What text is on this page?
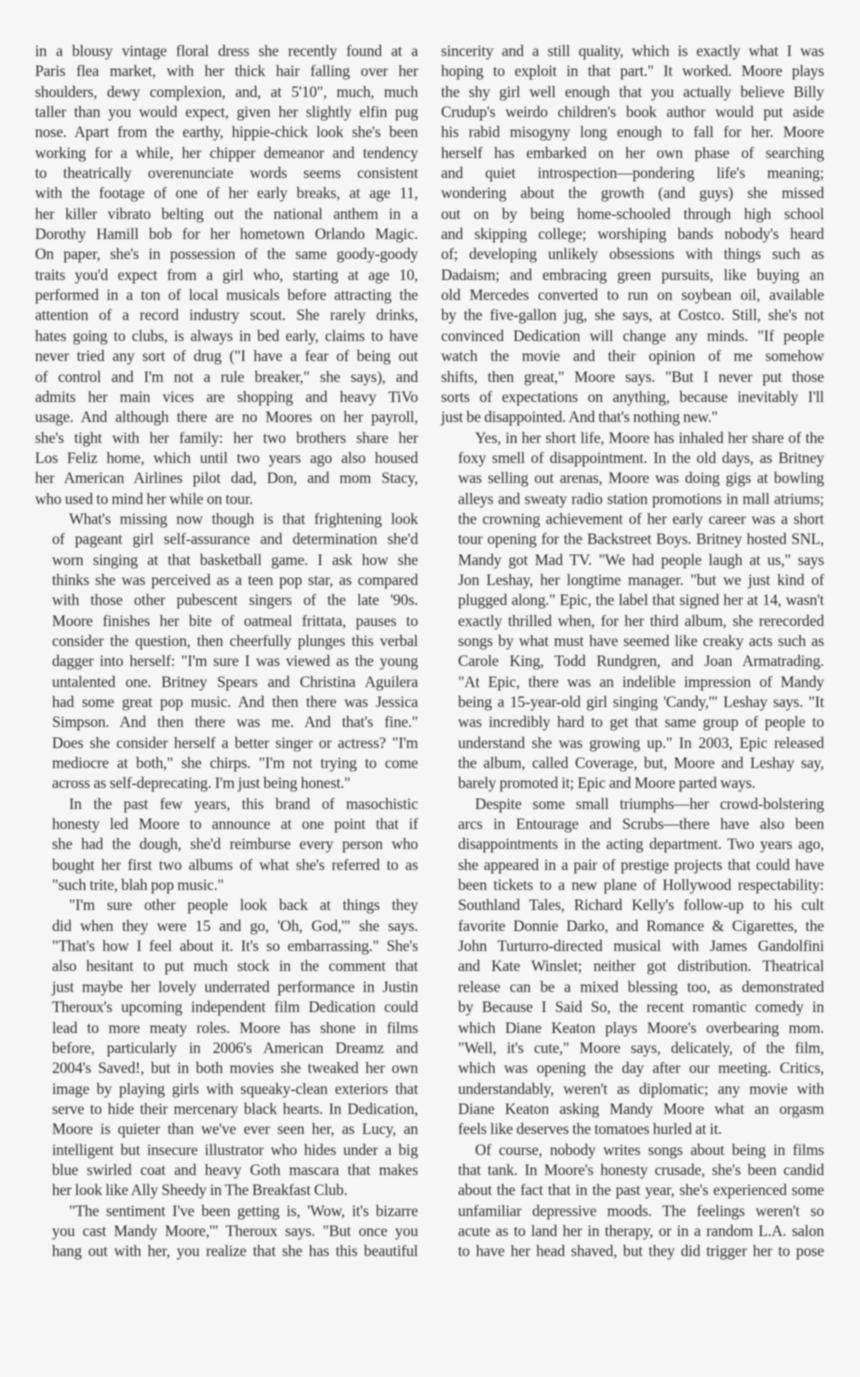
in a blousy vintage floral dress she recently found at a
Paris flea market, with her thick hair falling over her
shoulders, dewy complexion, and, at 5'10", much, much
taller than you would expect, given her slightly elfin pug
nose. Apart from the earthy, hippie-chick look she's been
working for a while, her chipper demeanor and tendency
to theatrically overenunciate words seems consistent
with the footage of one of her early breaks, at age 11,
her killer vibrato belting out the national anthem in a
Dorothy Hamill bob for her hometown Orlando Magic.
On paper, she's in possession of the same goody-goody
traits you'd expect from a girl who, starting at age 10,
performed in a ton of local musicals before attracting the
attention of a record industry scout. She rarely drinks,
hates going to clubs, is always in bed early, claims to have
never tried any sort of drug ("I have a fear of being out
of control and I'm not a rule breaker," she says), and
admits her main vices are shopping and heavy TiVo
usage. And although there are no Moores on her payroll,
she's tight with her family: her two brothers share her
Los Feliz home, which until two years ago also housed
her American Airlines pilot dad, Don, and mom Stacy,
who used to mind her while on tour.

What's missing now though is that frightening look
of pageant girl self-assurance and determination she'd
worn singing at that basketball game. I ask how she
thinks she was perceived as a teen pop star, as compared
with those other pubescent singers of the late '90s.
Moore finishes her bite of oatmeal frittata, pauses to
consider the question, then cheerfully plunges this verbal
dagger into herself: "I'm sure I was viewed as the young
untalented one. Britney Spears and Christina Aguilera
had some great pop music. And then there was Jessica
Simpson. And then there was me. And that's fine."
Does she consider herself a better singer or actress? "I'm
mediocre at both," she chirps. "I'm not trying to come
across as self-deprecating. I'm just being honest."

In the past few years, this brand of masochistic
honesty led Moore to announce at one point that if
she had the dough, she'd reimburse every person who
bought her first two albums of what she's referred to as
"such trite, blah pop music."

"I'm sure other people look back at things they
did when they were 15 and go, 'Oh, God,'" she says.
"That's how I feel about it. It's so embarrassing." She's
also hesitant to put much stock in the comment that
just maybe her lovely underrated performance in Justin
Theroux's upcoming independent film Dedication could
lead to more meaty roles. Moore has shone in films
before, particularly in 2006's American Dreamz and
2004's Saved!, but in both movies she tweaked her own
image by playing girls with squeaky-clean exteriors that
serve to hide their mercenary black hearts. In Dedication,
Moore is quieter than we've ever seen her, as Lucy, an
intelligent but insecure illustrator who hides under a big
blue swirled coat and heavy Goth mascara that makes
her look like Ally Sheedy in The Breakfast Club.

"The sentiment I've been getting is, 'Wow, it's bizarre
you cast Mandy Moore,'" Theroux says. "But once you
hang out with her, you realize that she has this beautiful

sincerity and a still quality, which is exactly what I was
hoping to exploit in that part." It worked. Moore plays
the shy girl well enough that you actually believe Billy
Crudup's weirdo children's book author would put aside
his rabid misogyny long enough to fall for her. Moore
herself has embarked on her own phase of searching
and quiet introspection—pondering life's meaning;
wondering about the growth (and guys) she missed
out on by being home-schooled through high school
and skipping college; worshiping bands nobody's heard
of; developing unlikely obsessions with things such as
Dadaism; and embracing green pursuits, like buying an
old Mercedes converted to run on soybean oil, available
by the five-gallon jug, she says, at Costco. Still, she's not
convinced Dedication will change any minds. "If people
watch the movie and their opinion of me somehow
shifts, then great," Moore says. "But I never put those
sorts of expectations on anything, because inevitably I'll
just be disappointed. And that's nothing new."

Yes, in her short life, Moore has inhaled her share of the
foxy smell of disappointment. In the old days, as Britney
was selling out arenas, Moore was doing gigs at bowling
alleys and sweaty radio station promotions in mall atriums;
the crowning achievement of her early career was a short
tour opening for the Backstreet Boys. Britney hosted SNL,
Mandy got Mad TV. "We had people laugh at us," says
Jon Leshay, her longtime manager. "but we just kind of
plugged along." Epic, the label that signed her at 14, wasn't
exactly thrilled when, for her third album, she rerecorded
songs by what must have seemed like creaky acts such as
Carole King, Todd Rundgren, and Joan Armatrading.
"At Epic, there was an indelible impression of Mandy
being a 15-year-old girl singing 'Candy,'" Leshay says. "It
was incredibly hard to get that same group of people to
understand she was growing up." In 2003, Epic released
the album, called Coverage, but, Moore and Leshay say,
barely promoted it; Epic and Moore parted ways.

Despite some small triumphs—her crowd-bolstering
arcs in Entourage and Scrubs—there have also been
disappointments in the acting department. Two years ago,
she appeared in a pair of prestige projects that could have
been tickets to a new plane of Hollywood respectability:
Southland Tales, Richard Kelly's follow-up to his cult
favorite Donnie Darko, and Romance & Cigarettes, the
John Turturro-directed musical with James Gandolfini
and Kate Winslet; neither got distribution. Theatrical
release can be a mixed blessing too, as demonstrated
by Because I Said So, the recent romantic comedy in
which Diane Keaton plays Moore's overbearing mom.
"Well, it's cute," Moore says, delicately, of the film,
which was opening the day after our meeting. Critics,
understandably, weren't as diplomatic; any movie with
Diane Keaton asking Mandy Moore what an orgasm
feels like deserves the tomatoes hurled at it.

Of course, nobody writes songs about being in films
that tank. In Moore's honesty crusade, she's been candid
about the fact that in the past year, she's experienced some
unfamiliar depressive moods. The feelings weren't so
acute as to land her in therapy, or in a random L.A. salon
to have her head shaved, but they did trigger her to pose
